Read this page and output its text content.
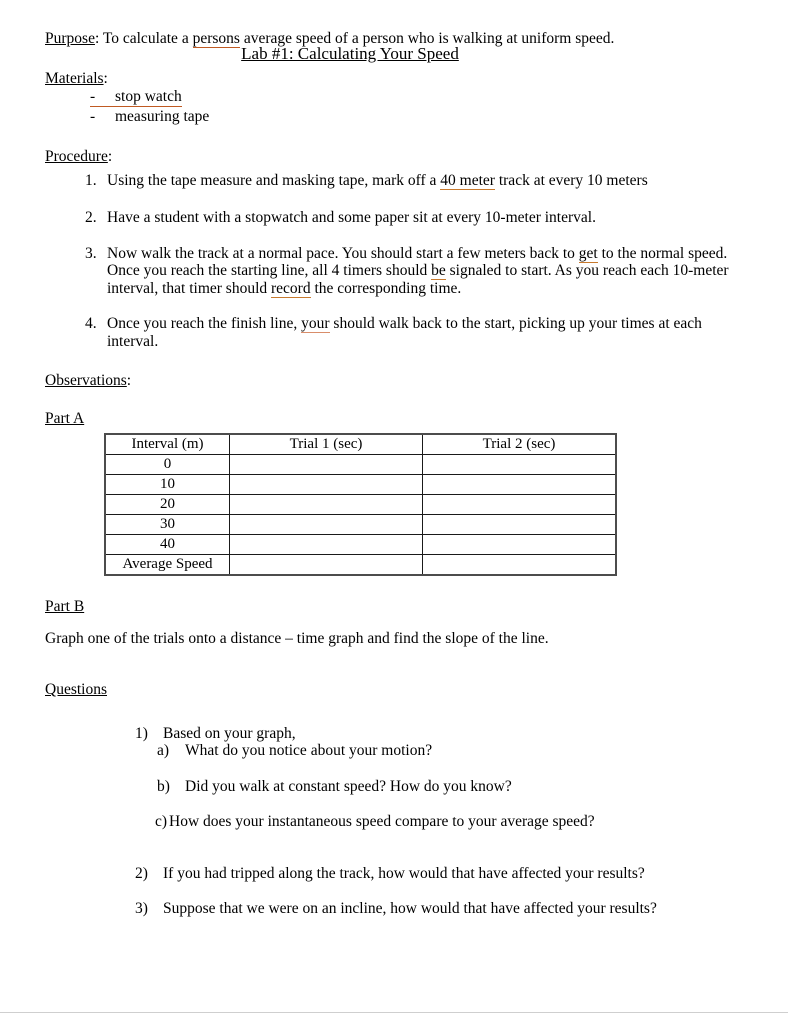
Lab #1: Calculating Your Speed
Purpose: To calculate a persons average speed of a person who is walking at uniform speed.
Materials:
- stop watch
- measuring tape
Procedure:
1. Using the tape measure and masking tape, mark off a 40 meter track at every 10 meters
2. Have a student with a stopwatch and some paper sit at every 10-meter interval.
3. Now walk the track at a normal pace. You should start a few meters back to get to the normal speed. Once you reach the starting line, all 4 timers should be signaled to start. As you reach each 10-meter interval, that timer should record the corresponding time.
4. Once you reach the finish line, your should walk back to the start, picking up your times at each interval.
Observations:
Part A
Interval (m)	Trial 1 (sec)	Trial 2 (sec)
0		
10		
20		
30		
40		
Average Speed		
Part B
Graph one of the trials onto a distance – time graph and find the slope of the line.
Questions
1) Based on your graph,
a) What do you notice about your motion?
b) Did you walk at constant speed? How do you know?
c) How does your instantaneous speed compare to your average speed?
2) If you had tripped along the track, how would that have affected your results?
3) Suppose that we were on an incline, how would that have affected your results?
